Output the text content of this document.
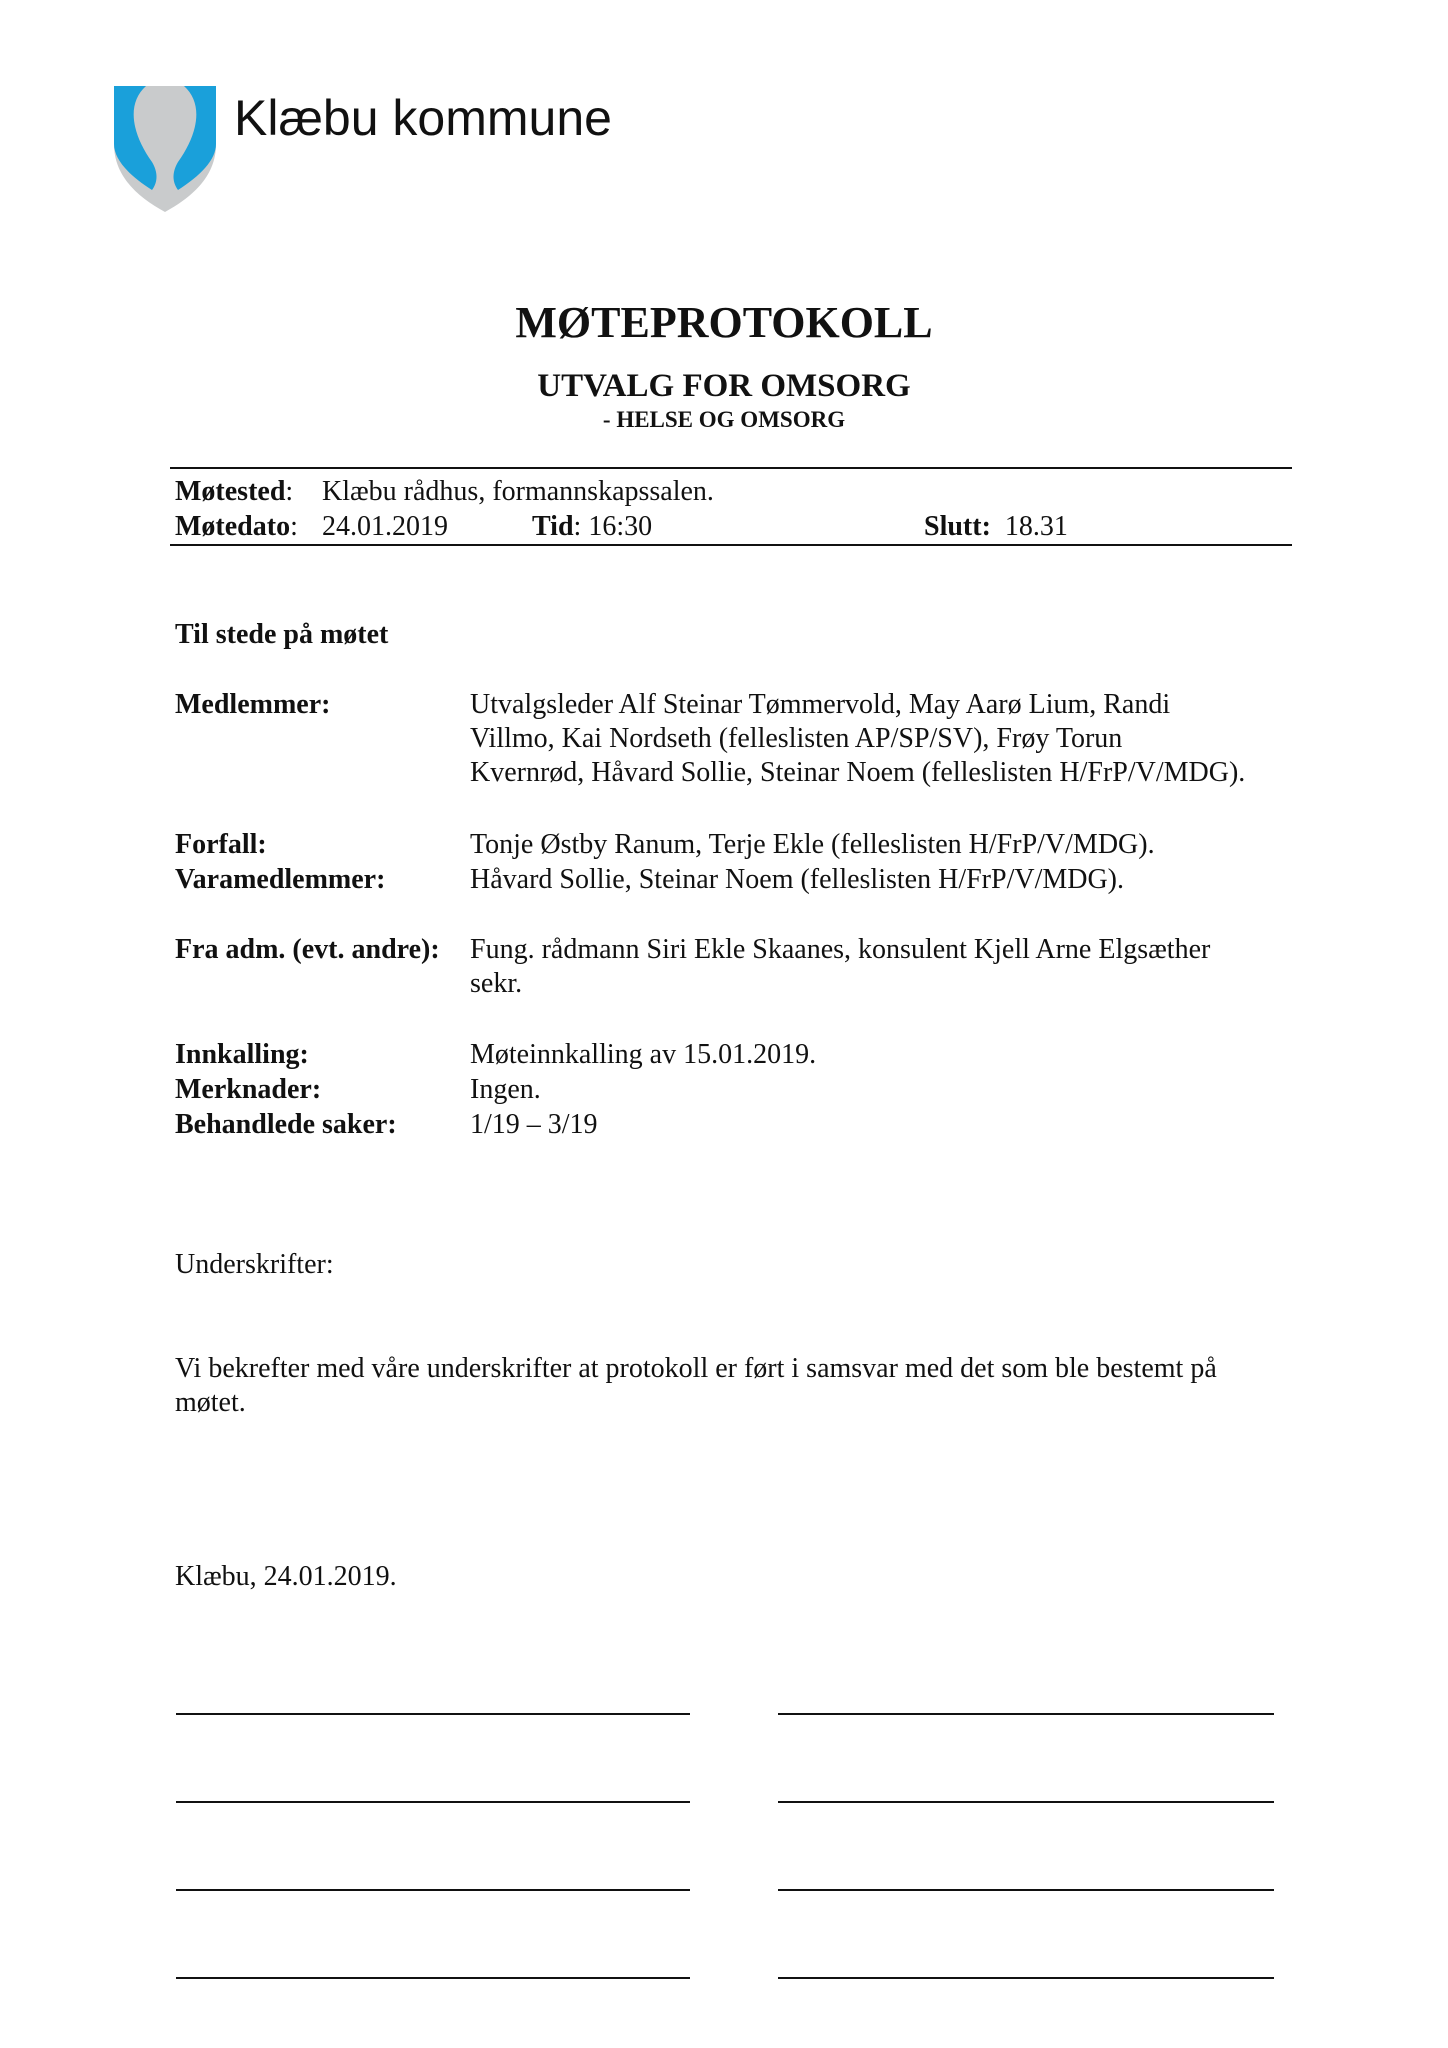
Klæbu kommune
MØTEPROTOKOLL
UTVALG FOR OMSORG
- HELSE OG OMSORG
Møtested: Klæbu rådhus, formannskapssalen.
Møtedato: 24.01.2019	Tid: 16:30	Slutt: 18.31
Til stede på møtet
Medlemmer:	Utvalgsleder Alf Steinar Tømmervold, May Aarø Lium, Randi
Villmo, Kai Nordseth (felleslisten AP/SP/SV), Frøy Torun
Kvernrød, Håvard Sollie, Steinar Noem (felleslisten H/FrP/V/MDG).
Forfall:	Tonje Østby Ranum, Terje Ekle (felleslisten H/FrP/V/MDG).
Varamedlemmer:	Håvard Sollie, Steinar Noem (felleslisten H/FrP/V/MDG).
Fra adm. (evt. andre): Fung. rådmann Siri Ekle Skaanes, konsulent Kjell Arne Elgsæther
sekr.
Innkalling:	Møteinnkalling av 15.01.2019.
Merknader:	Ingen.
Behandlede saker:	1/19 – 3/19
Underskrifter:
Vi bekrefter med våre underskrifter at protokoll er ført i samsvar med det som ble bestemt på
møtet.
Klæbu, 24.01.2019.
